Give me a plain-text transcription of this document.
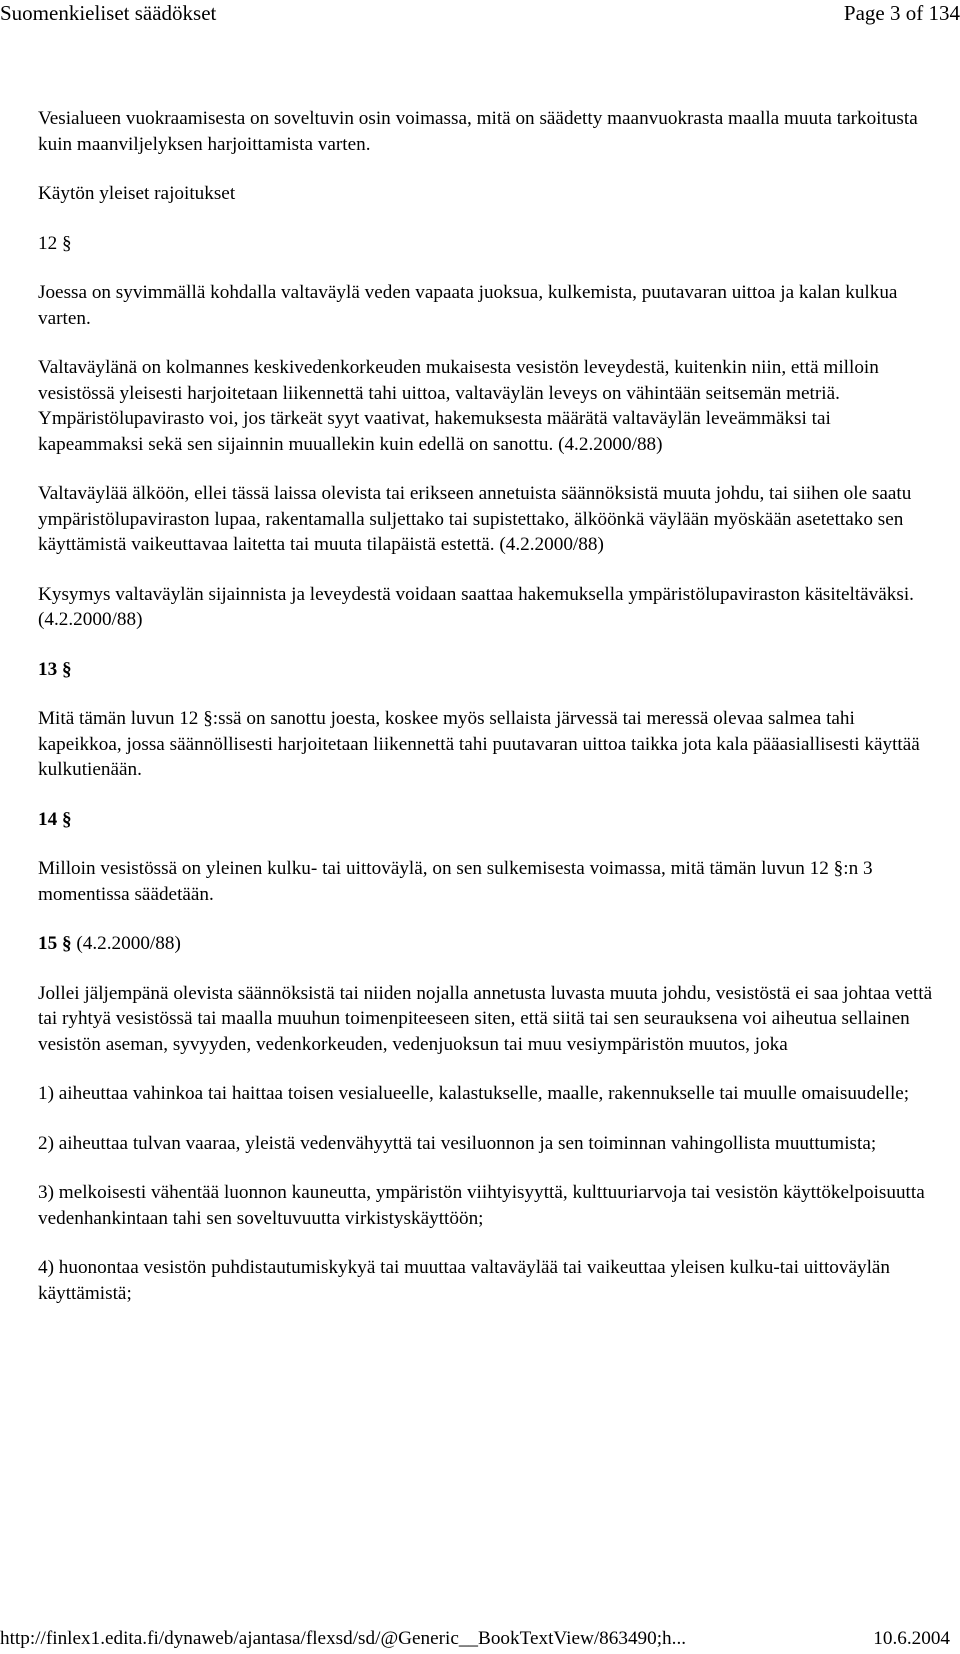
Suomenkieliset säädökset	Page 3 of 134

Vesialueen vuokraamisesta on soveltuvin osin voimassa, mitä on säädetty maanvuokrasta maalla muuta tarkoitusta kuin maanviljelyksen harjoittamista varten.

Käytön yleiset rajoitukset
12 §

Joessa on syvimmällä kohdalla valtaväylä veden vapaata juoksua, kulkemista, puutavaran uittoa ja kalan kulkua varten.

Valtaväylänä on kolmannes keskivedenkorkeuden mukaisesta vesistön leveydestä, kuitenkin niin, että milloin vesistössä yleisesti harjoitetaan liikennettä tahi uittoa, valtaväylän leveys on vähintään seitsemän metriä. Ympäristölupavirasto voi, jos tärkeät syyt vaativat, hakemuksesta määrätä valtaväylän leveämmäksi tai kapeammaksi sekä sen sijainnin muuallekin kuin edellä on sanottu. (4.2.2000/88)

Valtaväylää älköön, ellei tässä laissa olevista tai erikseen annetuista säännöksistä muuta johdu, tai siihen ole saatu ympäristölupaviraston lupaa, rakentamalla suljettako tai supistettako, älköönkä väylään myöskään asetettako sen käyttämistä vaikeuttavaa laitetta tai muuta tilapäistä estettä. (4.2.2000/88)

Kysymys valtaväylän sijainnista ja leveydestä voidaan saattaa hakemuksella ympäristölupaviraston käsiteltäväksi. (4.2.2000/88)

13 §

Mitä tämän luvun 12 §:ssä on sanottu joesta, koskee myös sellaista järvessä tai meressä olevaa salmea tahi kapeikkoa, jossa säännöllisesti harjoitetaan liikennettä tahi puutavaran uittoa taikka jota kala pääasiallisesti käyttää kulkutienään.

14 §

Milloin vesistössä on yleinen kulku- tai uittoväylä, on sen sulkemisesta voimassa, mitä tämän luvun 12 §:n 3 momentissa säädetään.

15 § (4.2.2000/88)

Jollei jäljempänä olevista säännöksistä tai niiden nojalla annetusta luvasta muuta johdu, vesistöstä ei saa johtaa vettä tai ryhtyä vesistössä tai maalla muuhun toimenpiteeseen siten, että siitä tai sen seurauksena voi aiheutua sellainen vesistön aseman, syvyyden, vedenkorkeuden, vedenjuoksun tai muu vesiympäristön muutos, joka

1) aiheuttaa vahinkoa tai haittaa toisen vesialueelle, kalastukselle, maalle, rakennukselle tai muulle omaisuudelle;

2) aiheuttaa tulvan vaaraa, yleistä vedenvähyyttä tai vesiluonnon ja sen toiminnan vahingollista muuttumista;

3) melkoisesti vähentää luonnon kauneutta, ympäristön viihtyisyyttä, kulttuuriarvoja tai vesistön käyttökelpoisuutta vedenhankintaan tahi sen soveltuvuutta virkistyskäyttöön;

4) huonontaa vesistön puhdistautumiskykyä tai muuttaa valtaväylää tai vaikeuttaa yleisen kulku-tai uittoväylän käyttämistä;

http://finlex1.edita.fi/dynaweb/ajantasa/flexsd/sd/@Generic__BookTextView/863490;h...	10.6.2004
